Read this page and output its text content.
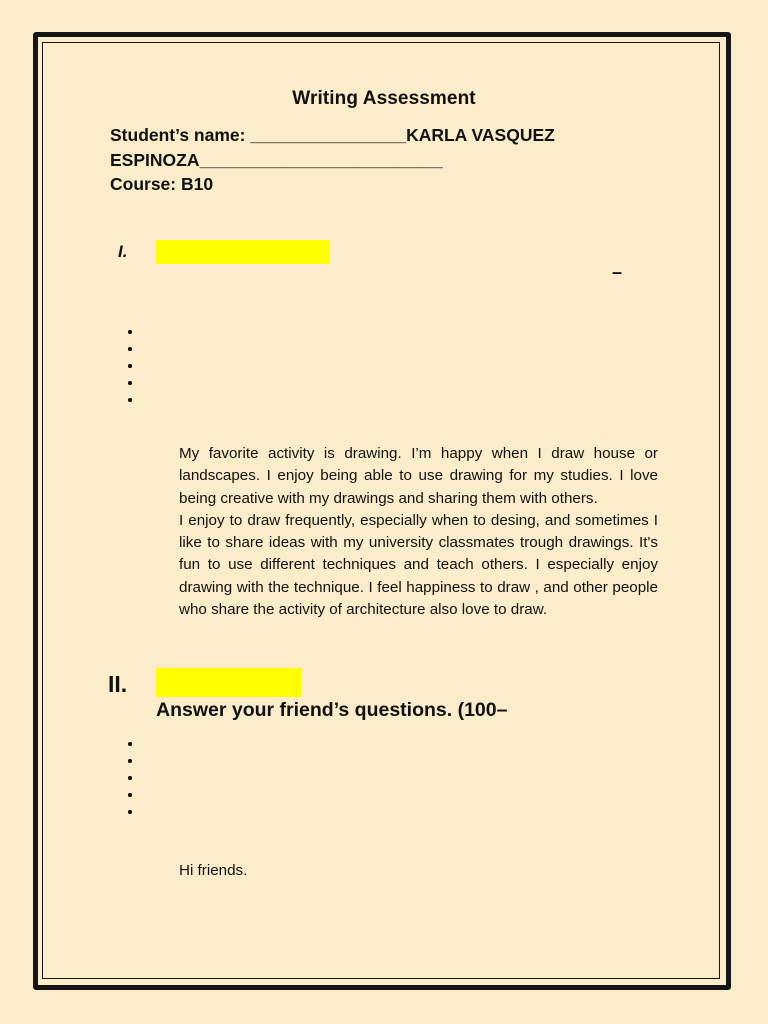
Writing Assessment
Student’s name: ________________KARLA VASQUEZ
ESPINOZA_________________________
Course: B10
I.
–

My favorite activity is drawing. I’m happy when I draw house or landscapes. I enjoy being able to use drawing for my studies. I love being creative with my drawings and sharing them with others.

I enjoy to draw frequently, especially when to desing, and sometimes I like to share ideas with my university classmates trough drawings. It's fun to use different techniques and teach others. I especially enjoy drawing with the technique. I feel happiness to draw , and other people who share the activity of architecture also love to draw.

II.
Answer your friend’s questions. (100–
Hi friends.
